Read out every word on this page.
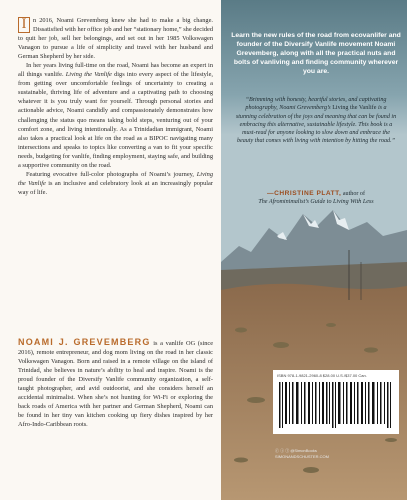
I	n 2016, Noami Grevemberg knew she had to make a big change. Dissatisfied with her office job and her “stationary home,” she decided to quit her job, sell her belongings, and set out in her 1985 Volkswagen Vanagon to pursue a life of simplicity and travel with her husband and German Shepherd by her side.

In her years living full-time on the road, Noami has become an expert in all things vanlife. Living the Vanlife digs into every aspect of the lifestyle, from getting over uncomfortable feelings of uncertainty to creating a sustainable, thriving life of adventure and a captivating path to choosing whatever it is you truly want for yourself. Through personal stories and actionable advice, Noami candidly and compassionately demonstrates how challenging the status quo means taking bold steps, venturing out of your comfort zone, and living intentionally. As a Trinidadian immigrant, Noami also takes a practical look at life on the road as a BIPOC navigating many intersections and speaks to topics like converting a van to fit your specific needs, budgeting for vanlife, finding employment, staying safe, and building a supportive community on the road.

Featuring evocative full-color photographs of Noami’s journey, Living the Vanlife is an inclusive and celebratory look at an increasingly popular way of life.

NOAMI J. GREVEMBERG is a vanlife OG (since 2016), remote entrepreneur, and dog mom living on the road in her classic Volkswagen Vanagon. Born and raised in a remote village on the island of Trinidad, she believes in nature’s ability to heal and inspire. Noami is the proud founder of the Diversify Vanlife community organization, a self-taught photographer, and avid outdoorist, and she considers herself an accidental minimalist. When she’s not hunting for Wi-Fi or exploring the back roads of America with her partner and German Shepherd, Noami can be found in her tiny van kitchen cooking up fiery dishes inspired by her Afro-Indo-Caribbean roots.
Learn the new rules of the road from ecovanlifer and founder of the Diversify Vanlife movement Noami Grevemberg, along with all the practical nuts and bolts of vanliving and finding community wherever you are.
“Brimming with honesty, heartful stories, and captivating photography, Noami Grevemberg’s Living the Vanlife is a stunning celebration of the joys and meaning that can be found in embracing this alternative, sustainable lifestyle. This book is a must-read for anyone looking to slow down and embrace the beauty that comes with living with intention by hitting the road.”
—CHRISTINE PLATT, author of
The Afrominimalist’s Guide to Living With Less
ISBN 978-1-9821-2960-8 $28.00 U.S./$37.00 Can.
ⓕ ⓘ ⓣ @SimonBooks
SIMONANDSCHUSTER.COM
